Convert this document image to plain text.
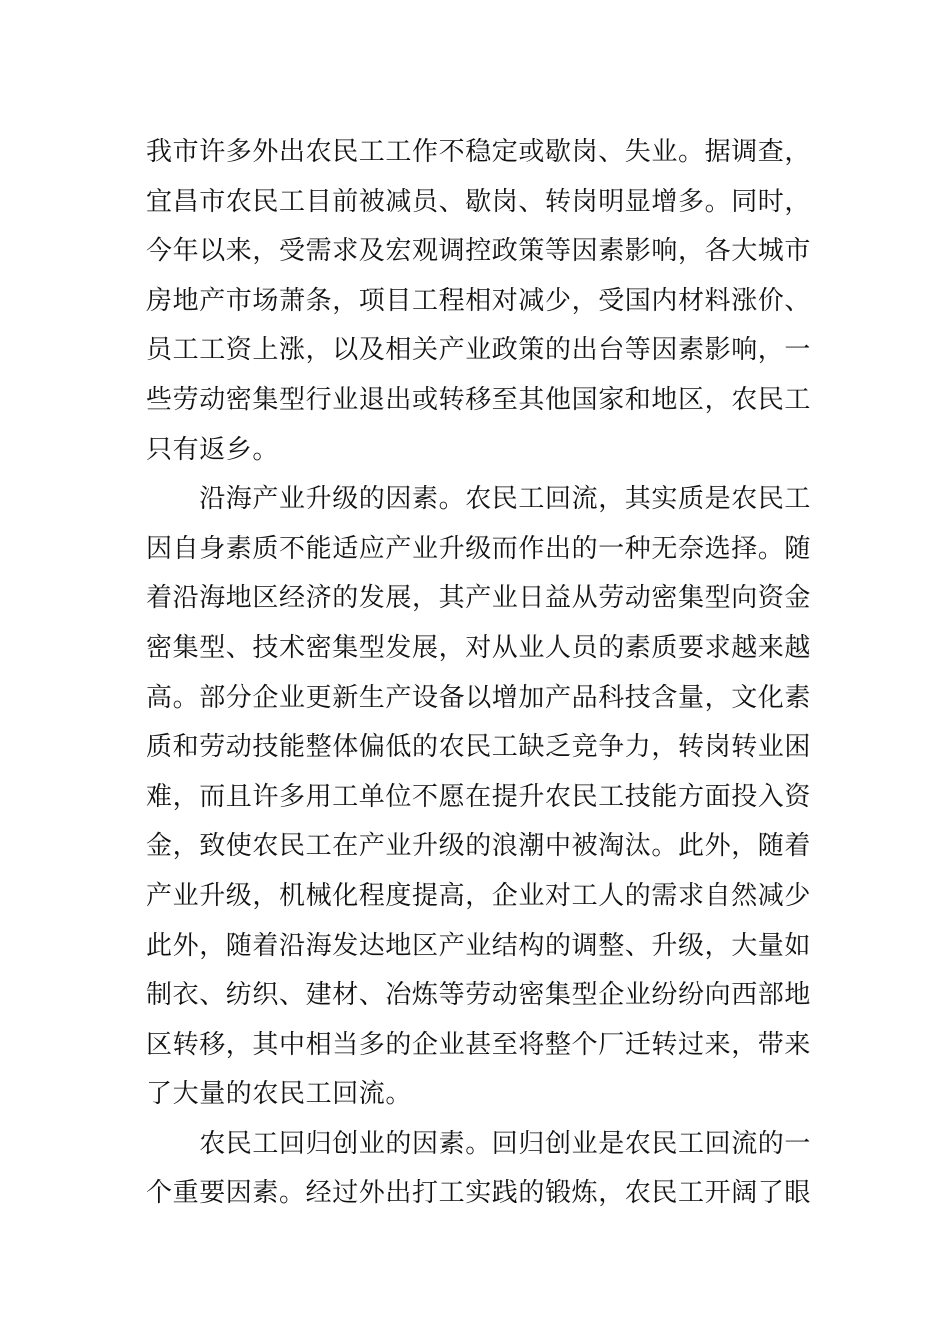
我市许多外出农民工工作不稳定或歇岗、失业。据调查，
宜昌市农民工目前被减员、歇岗、转岗明显增多。同时，
今年以来，受需求及宏观调控政策等因素影响，各大城市
房地产市场萧条，项目工程相对减少，受国内材料涨价、
员工工资上涨，以及相关产业政策的出台等因素影响，一
些劳动密集型行业退出或转移至其他国家和地区，农民工
只有返乡。
　　沿海产业升级的因素。农民工回流，其实质是农民工
因自身素质不能适应产业升级而作出的一种无奈选择。随
着沿海地区经济的发展，其产业日益从劳动密集型向资金
密集型、技术密集型发展，对从业人员的素质要求越来越
高。部分企业更新生产设备以增加产品科技含量，文化素
质和劳动技能整体偏低的农民工缺乏竞争力，转岗转业困
难，而且许多用工单位不愿在提升农民工技能方面投入资
金，致使农民工在产业升级的浪潮中被淘汰。此外，随着
产业升级，机械化程度提高，企业对工人的需求自然减少
此外，随着沿海发达地区产业结构的调整、升级，大量如
制衣、纺织、建材、冶炼等劳动密集型企业纷纷向西部地
区转移，其中相当多的企业甚至将整个厂迁转过来，带来
了大量的农民工回流。
　　农民工回归创业的因素。回归创业是农民工回流的一
个重要因素。经过外出打工实践的锻炼，农民工开阔了眼
